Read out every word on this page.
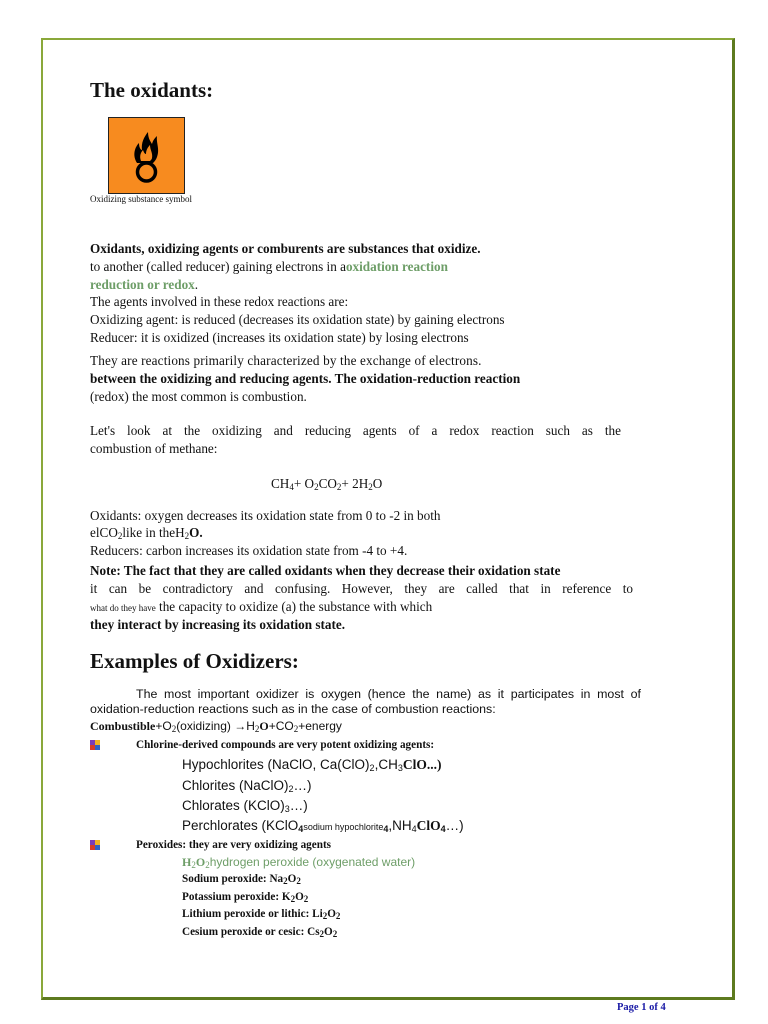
The oxidants:
Oxidizing substance symbol
Oxidants, oxidizing agents or comburents are substances that oxidize.
to another (called reducer) gaining electrons in aoxidation reaction
reduction or redox.
The agents involved in these redox reactions are:
Oxidizing agent: is reduced (decreases its oxidation state) by gaining electrons
Reducer: it is oxidized (increases its oxidation state) by losing electrons
They are reactions primarily characterized by the exchange of electrons.
between the oxidizing and reducing agents. The oxidation-reduction reaction
(redox) the most common is combustion.
Let's look at the oxidizing and reducing agents of a redox reaction such as the
combustion of methane:
$CH_4+ O_2CO_2+ 2H_2O$
Oxidants: oxygen decreases its oxidation state from 0 to -2 in both
elCO$_2$like in theH$_2$O.
Reducers: carbon increases its oxidation state from -4 to +4.
Note: The fact that they are called oxidants when they decrease their oxidation state
it can be contradictory and confusing. However, they are called that in reference to
what do they have the capacity to oxidize (a) the substance with which
they interact by increasing its oxidation state.
Examples of Oxidizers:
The most important oxidizer is oxygen (hence the name) as it participates in most of
oxidation-reduction reactions such as in the case of combustion reactions:
$Combustible+O_2(oxidizing)$ $\to H_2O+CO_2+energy$
Chlorine-derived compounds are very potent oxidizing agents:
Hypochlorites (NaClO, $Ca(ClO)_2,CH_3ClO$...)
Chlorites $(NaClO)_2\dots$)
Chlorates $(KClO)_3\dots$)
Perchlorates (KClO$_4$sodium $hypochlorite_4,NH_4ClO_4\dots$)
Peroxides: they are very oxidizing agents
$H_2O_2hydrogen$ peroxide (oxygenated water)
Sodium peroxide: $Na_2O_2$
Potassium peroxide: $K_2O_2$
Lithium peroxide or lithic: $Li_2O_2$
Cesium peroxide or cesic: $Cs_2O_2$
Page 1 of 4
